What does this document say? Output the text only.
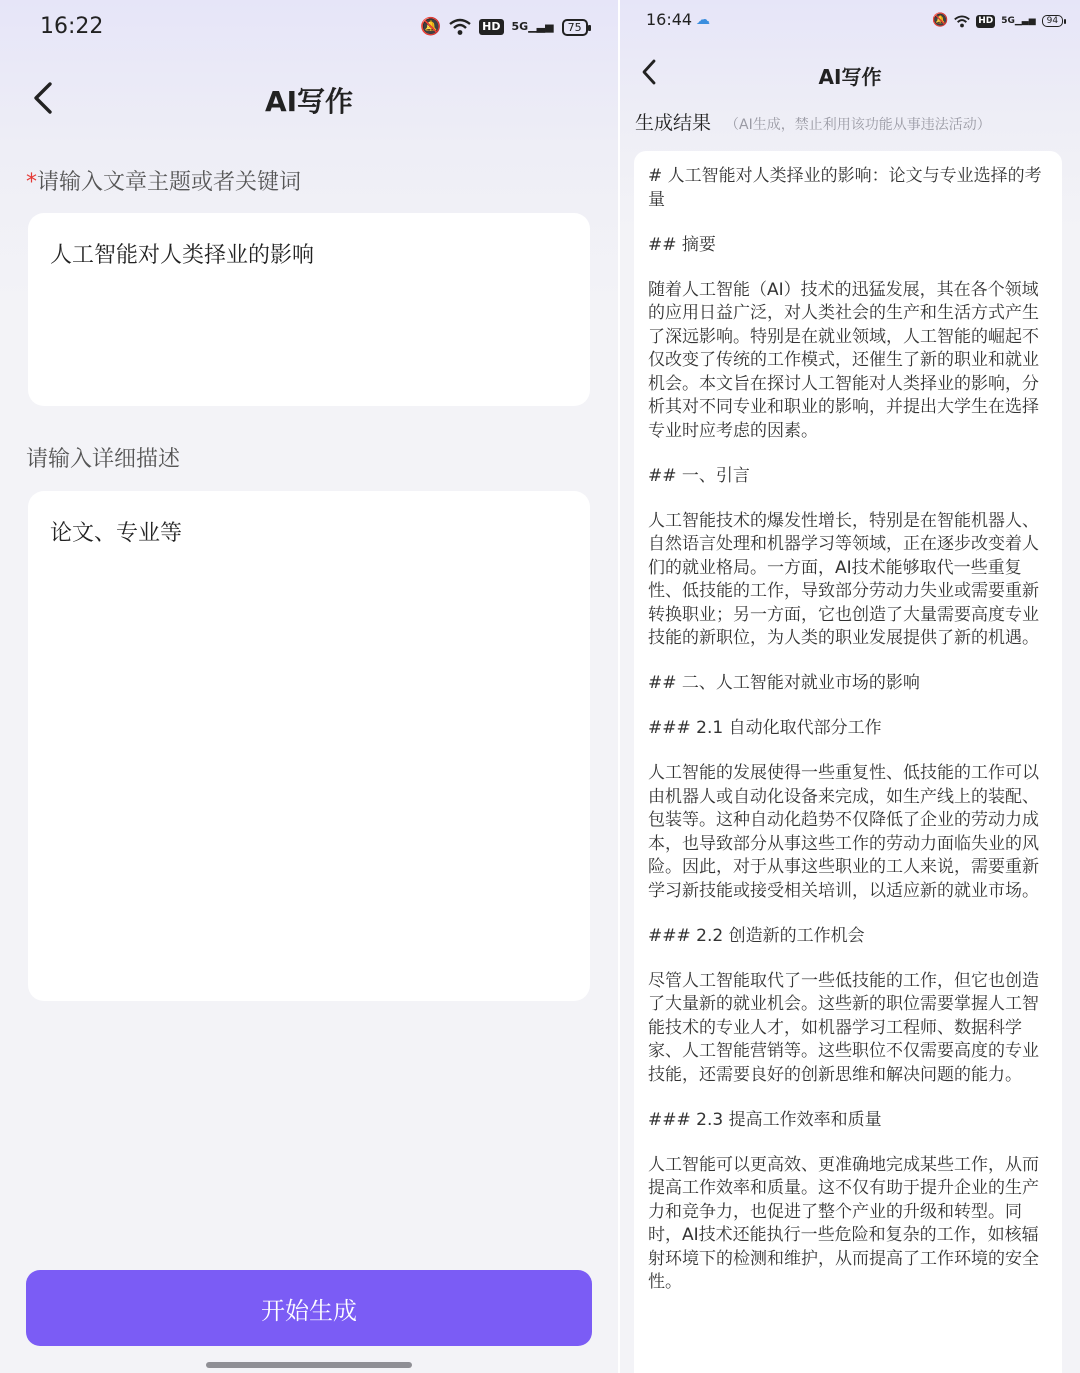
16:22	🔕	HD 5G▁▃▅	75
AI写作
*请输入文章主题或者关键词
人工智能对人类择业的影响
请输入详细描述
论文、专业等
开始生成
16:44 ☁	🔕	HD 5G▁▃▅	94
AI写作
生成结果 （AI生成，禁止利用该功能从事违法活动）

# 人工智能对人类择业的影响：论文与专业选择的考量

## 摘要

随着人工智能（AI）技术的迅猛发展，其在各个领域的应用日益广泛，对人类社会的生产和生活方式产生了深远影响。特别是在就业领域，人工智能的崛起不仅改变了传统的工作模式，还催生了新的职业和就业机会。本文旨在探讨人工智能对人类择业的影响，分析其对不同专业和职业的影响，并提出大学生在选择专业时应考虑的因素。

## 一、引言

人工智能技术的爆发性增长，特别是在智能机器人、自然语言处理和机器学习等领域，正在逐步改变着人们的就业格局。一方面，AI技术能够取代一些重复性、低技能的工作，导致部分劳动力失业或需要重新转换职业；另一方面，它也创造了大量需要高度专业技能的新职位，为人类的职业发展提供了新的机遇。

## 二、人工智能对就业市场的影响

### 2.1 自动化取代部分工作

人工智能的发展使得一些重复性、低技能的工作可以由机器人或自动化设备来完成，如生产线上的装配、包装等。这种自动化趋势不仅降低了企业的劳动力成本，也导致部分从事这些工作的劳动力面临失业的风险。因此，对于从事这些职业的工人来说，需要重新学习新技能或接受相关培训，以适应新的就业市场。

### 2.2 创造新的工作机会

尽管人工智能取代了一些低技能的工作，但它也创造了大量新的就业机会。这些新的职位需要掌握人工智能技术的专业人才，如机器学习工程师、数据科学家、人工智能营销等。这些职位不仅需要高度的专业技能，还需要良好的创新思维和解决问题的能力。

### 2.3 提高工作效率和质量

人工智能可以更高效、更准确地完成某些工作，从而提高工作效率和质量。这不仅有助于提升企业的生产力和竞争力，也促进了整个产业的升级和转型。同时，AI技术还能执行一些危险和复杂的工作，如核辐射环境下的检测和维护，从而提高了工作环境的安全性。
